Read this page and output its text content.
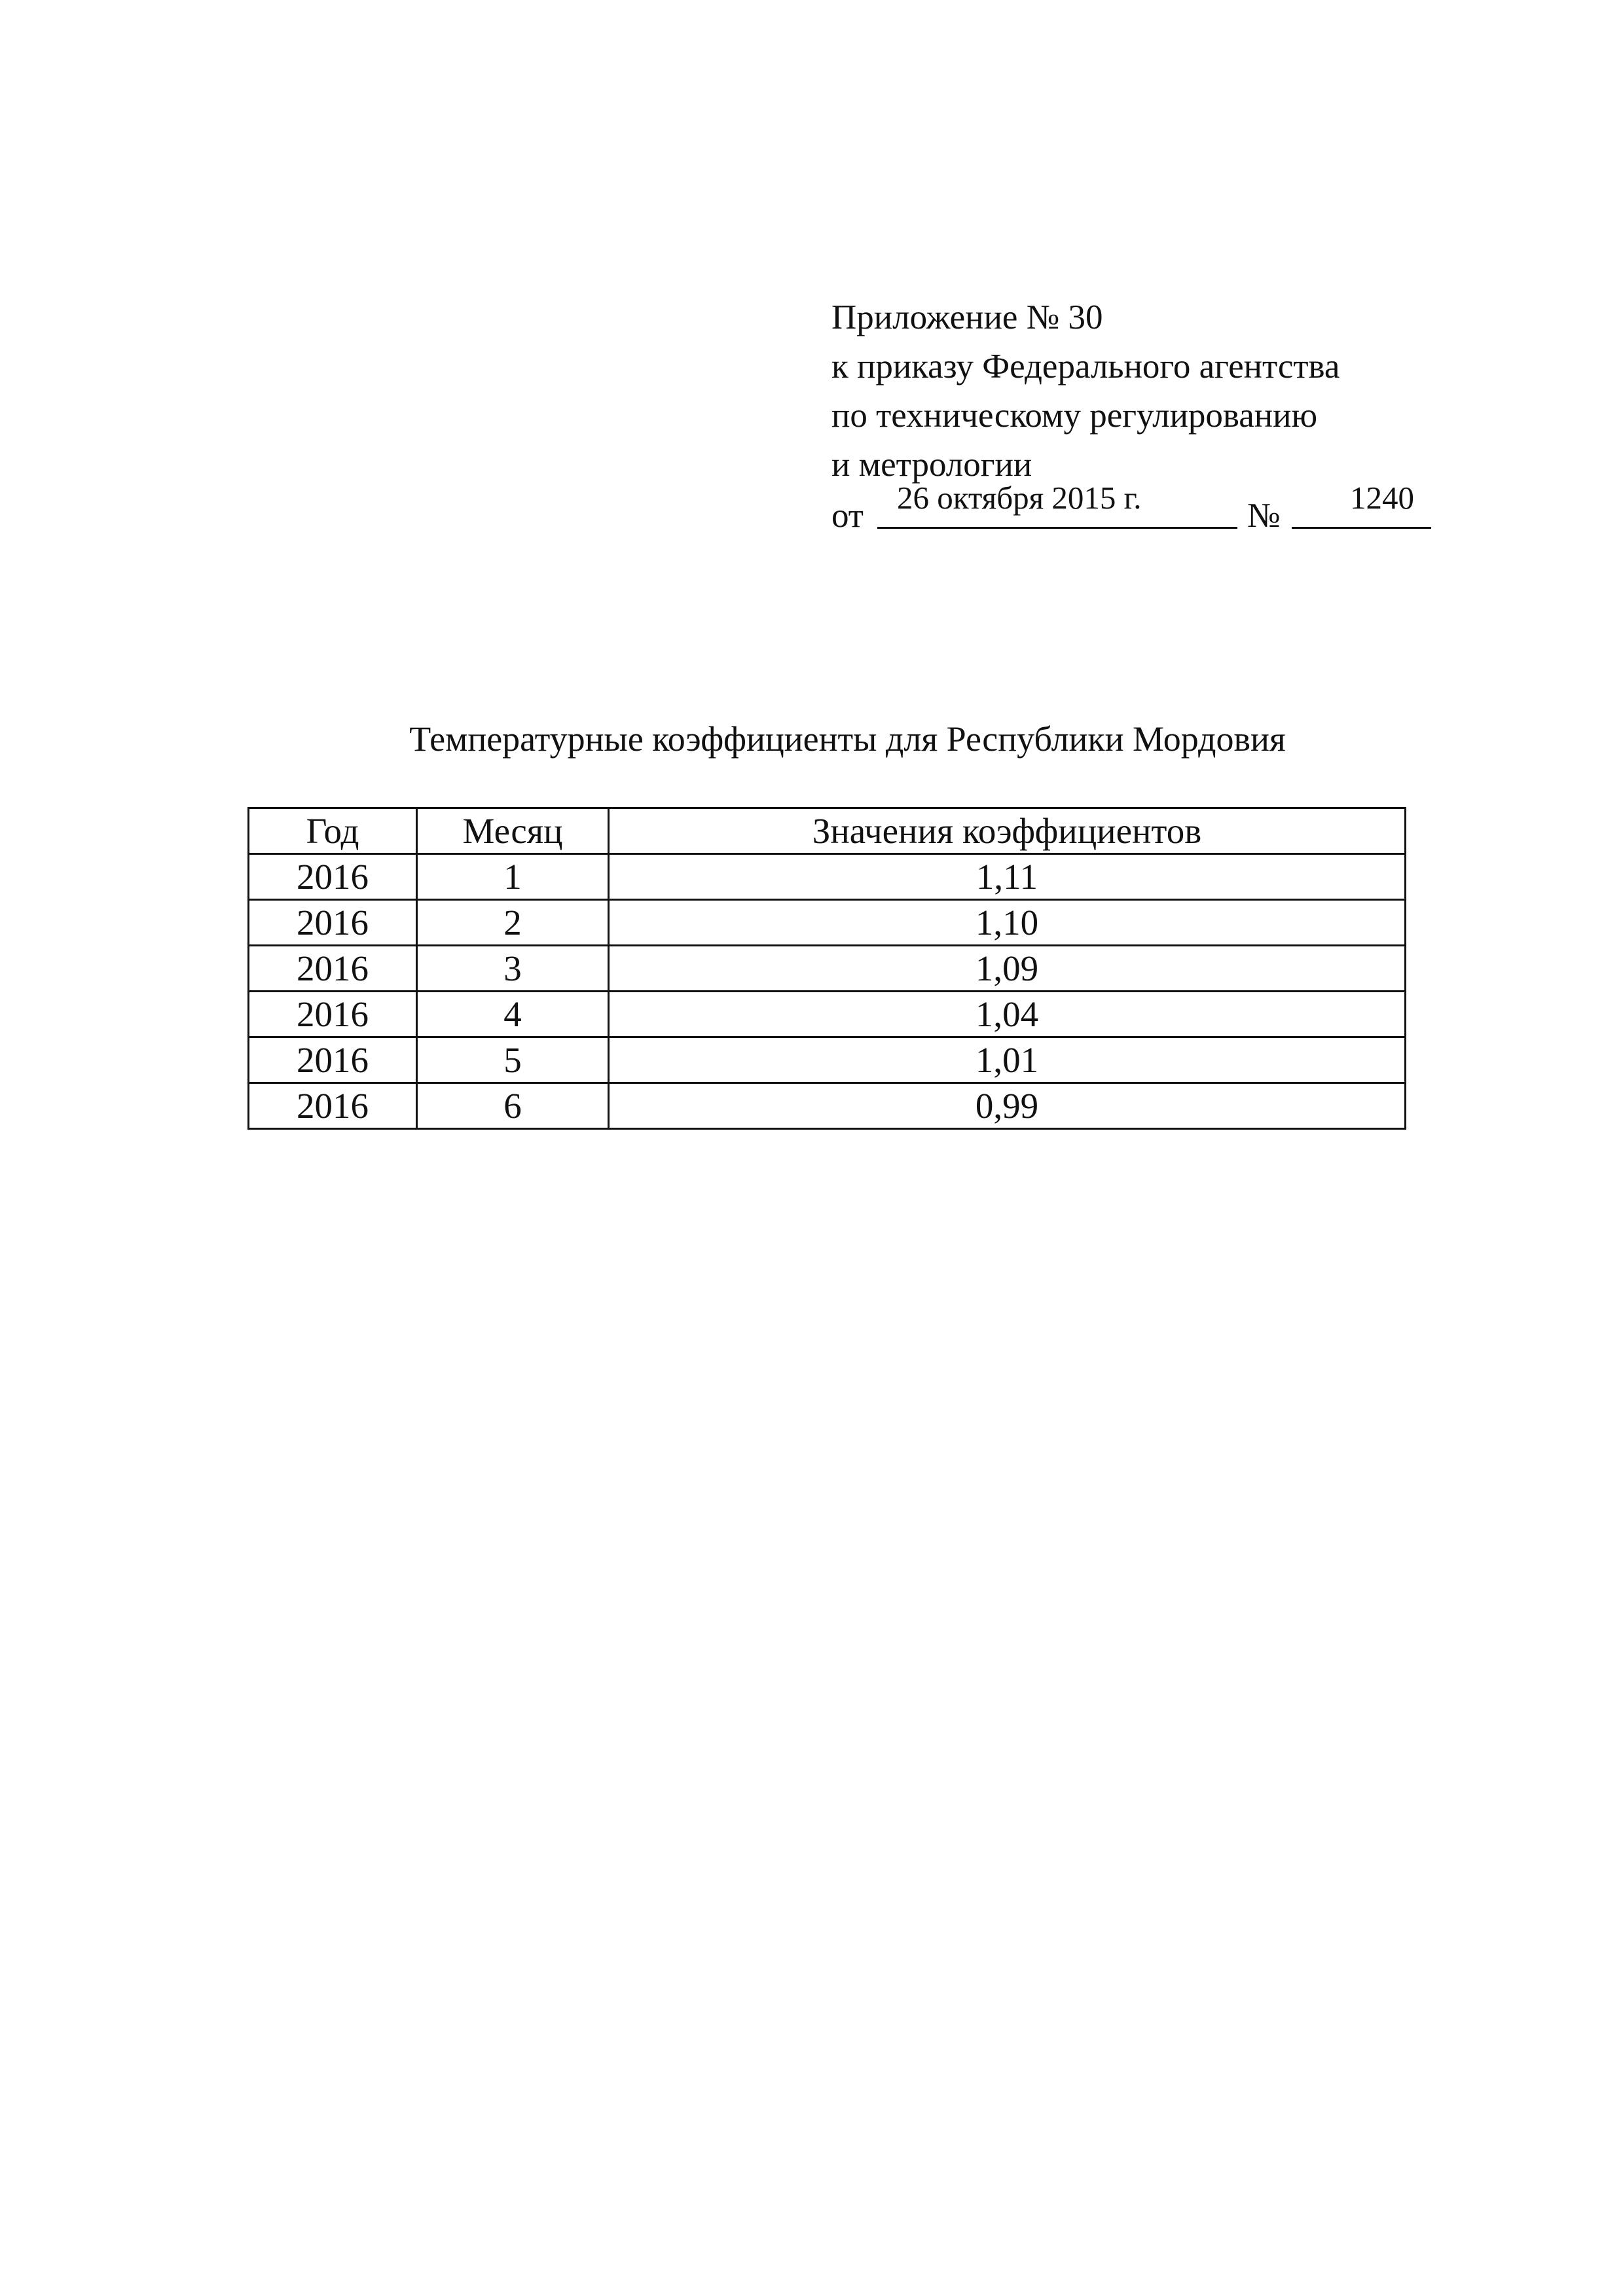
Приложение № 30
к приказу Федерального агентства
по техническому регулированию
и метрологии
от 26 октября 2015 г.	№ 1240
Температурные коэффициенты для Республики Мордовия
Год	Месяц	Значения коэффициентов
2016	1	1,11
2016	2	1,10
2016	3	1,09
2016	4	1,04
2016	5	1,01
2016	6	0,99
